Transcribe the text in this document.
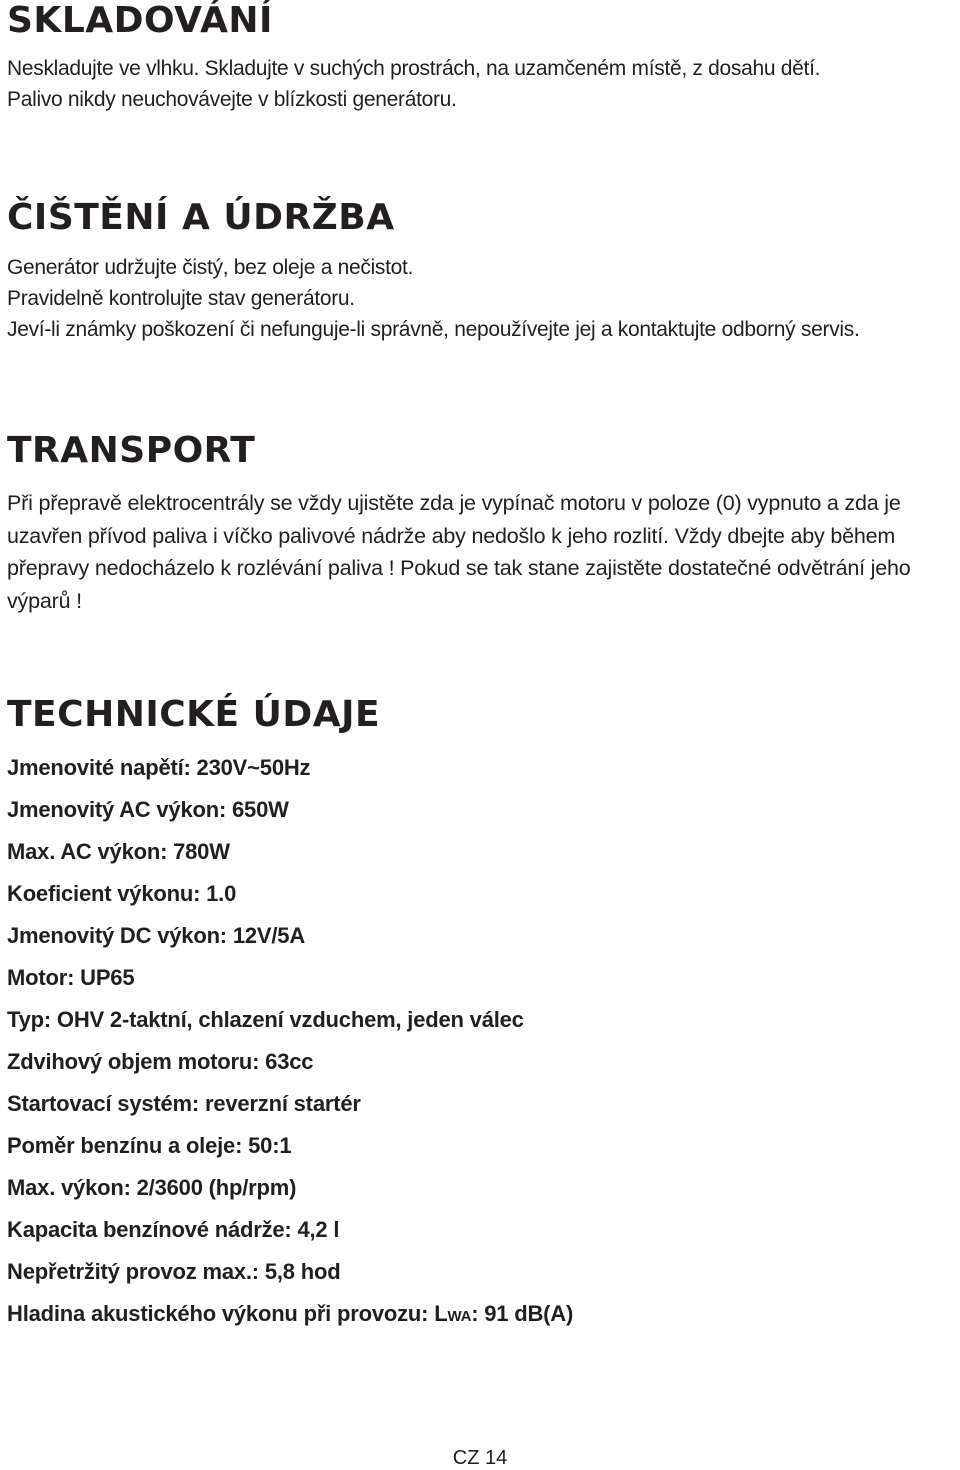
SKLADOVÁNÍ

Neskladujte ve vlhku. Skladujte v suchých prostrách, na uzamčeném místě, z dosahu dětí.

Palivo nikdy neuchovávejte v blízkosti generátoru.

ČIŠTĚNÍ A ÚDRŽBA

Generátor udržujte čistý, bez oleje a nečistot.

Pravidelně kontrolujte stav generátoru.

Jeví-li známky poškození či nefunguje-li správně, nepoužívejte jej a kontaktujte odborný servis.

TRANSPORT

Při přepravě elektrocentrály se vždy ujistěte zda je vypínač motoru v poloze (0) vypnuto a zda je uzavřen přívod paliva i víčko palivové nádrže aby nedošlo k jeho rozlití. Vždy dbejte aby během přepravy nedocházelo k rozlévání paliva ! Pokud se tak stane zajistěte dostatečné odvětrání jeho výparů !

TECHNICKÉ ÚDAJE
Jmenovité napětí: 230V~50Hz
Jmenovitý AC výkon: 650W
Max. AC výkon: 780W
Koeficient výkonu: 1.0
Jmenovitý DC výkon: 12V/5A
Motor: UP65
Typ: OHV 2-taktní, chlazení vzduchem, jeden válec
Zdvihový objem motoru: 63cc
Startovací systém: reverzní startér
Poměr benzínu a oleje: 50:1
Max. výkon: 2/3600 (hp/rpm)
Kapacita benzínové nádrže: 4,2 l
Nepřetržitý provoz max.: 5,8 hod
Hladina akustického výkonu při provozu: LWA: 91 dB(A)
CZ 14
